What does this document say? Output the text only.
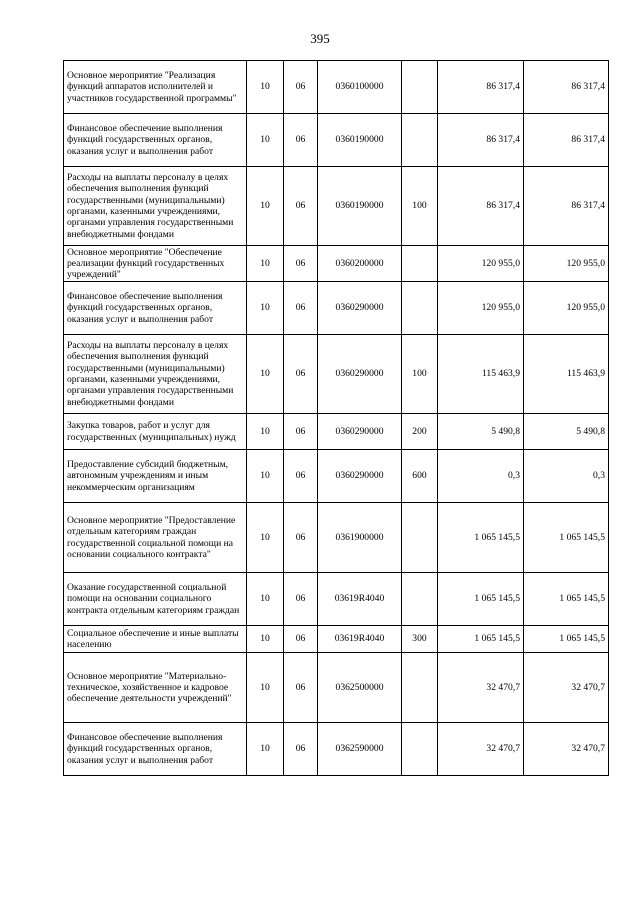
395
Основное мероприятие "Реализация функций аппаратов исполнителей и участников государственной программы"	10	06	0360100000		86 317,4	86 317,4
Финансовое обеспечение выполнения функций государственных органов, оказания услуг и выполнения работ	10	06	0360190000		86 317,4	86 317,4
Расходы на выплаты персоналу в целях обеспечения выполнения функций государственными (муниципальными) органами, казенными учреждениями, органами управления государственными внебюджетными фондами	10	06	0360190000	100	86 317,4	86 317,4
Основное мероприятие "Обеспечение реализации функций государственных учреждений"	10	06	0360200000		120 955,0	120 955,0
Финансовое обеспечение выполнения функций государственных органов, оказания услуг и выполнения работ	10	06	0360290000		120 955,0	120 955,0
Расходы на выплаты персоналу в целях обеспечения выполнения функций государственными (муниципальными) органами, казенными учреждениями, органами управления государственными внебюджетными фондами	10	06	0360290000	100	115 463,9	115 463,9
Закупка товаров, работ и услуг для государственных (муниципальных) нужд	10	06	0360290000	200	5 490,8	5 490,8
Предоставление субсидий бюджетным, автономным учреждениям и иным некоммерческим организациям	10	06	0360290000	600	0,3	0,3
Основное мероприятие "Предоставление отдельным категориям граждан государственной социальной помощи на основании социального контракта"	10	06	0361900000		1 065 145,5	1 065 145,5
Оказание государственной социальной помощи на основании социального контракта отдельным категориям граждан	10	06	03619R4040		1 065 145,5	1 065 145,5
Социальное обеспечение и иные выплаты населению	10	06	03619R4040	300	1 065 145,5	1 065 145,5
Основное мероприятие "Материально-техническое, хозяйственное и кадровое обеспечение деятельности учреждений"	10	06	0362500000		32 470,7	32 470,7
Финансовое обеспечение выполнения функций государственных органов, оказания услуг и выполнения работ	10	06	0362590000		32 470,7	32 470,7
